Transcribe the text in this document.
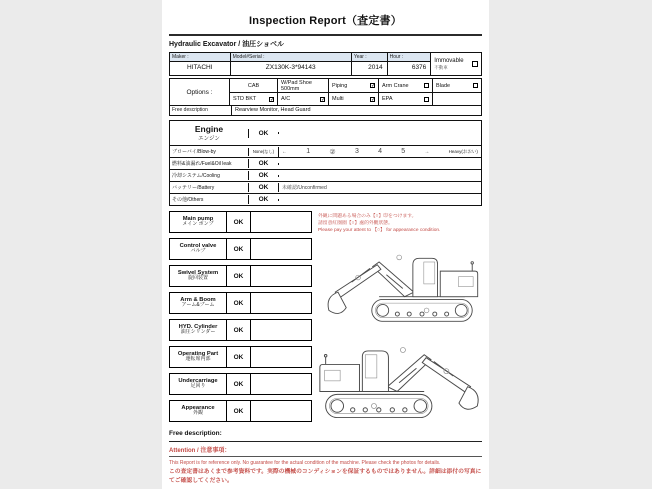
Inspection Report（査定書）
Hydraulic Excavator / 油圧ショベル
Maker :
HITACHI
Model#Serial :
ZX130K-3*94143
Year :
2014
Hour :
6376
Immovable
不動車
Options :
CAB	W/Pad Shoe 500mm	Piping	✓ Arm Crane	Blade
STD BKT	✓ A/C	✓ Multi	✓ EPA
Free description	Rearview Monitor, Head Guard
Engine
エンジン
OK
ブローバイ/Blow-by	None(なし)	←	1	②	3	4	5	→	Heavy(おおい)
燃料&油漏れ/Fuel&Oil leak	OK
冷却システム/Cooling	OK
バッテリー/Battery	OK	未確認/Unconfirmed
その他/Others	OK
Main pump
メイン ポンプ	OK
Control valve
バルブ	OK
Swivel System
旋回装置	OK
Arm & Boom
アーム&ブーム	OK
HYD. Cylinder
油圧シリンダー	OK
Operating Part
運転席内部	OK
Undercarriage
足回り	OK
Appearance
外観	OK
外観に問題ある場合のみ【○】印をつけます。
請留意紅圈圈【○】處的外觀狀態。
Please pay your attent to 【○】 for appearance condition.
Free description:
Attention / 注意事項：
This Report is for reference only. No guarantee for the actual condition of the machine. Please check the photos for details.
この査定書はあくまで参考資料です。実際の機械のコンディションを保証するものではありません。詳細は添付の写真にてご確認してください。
